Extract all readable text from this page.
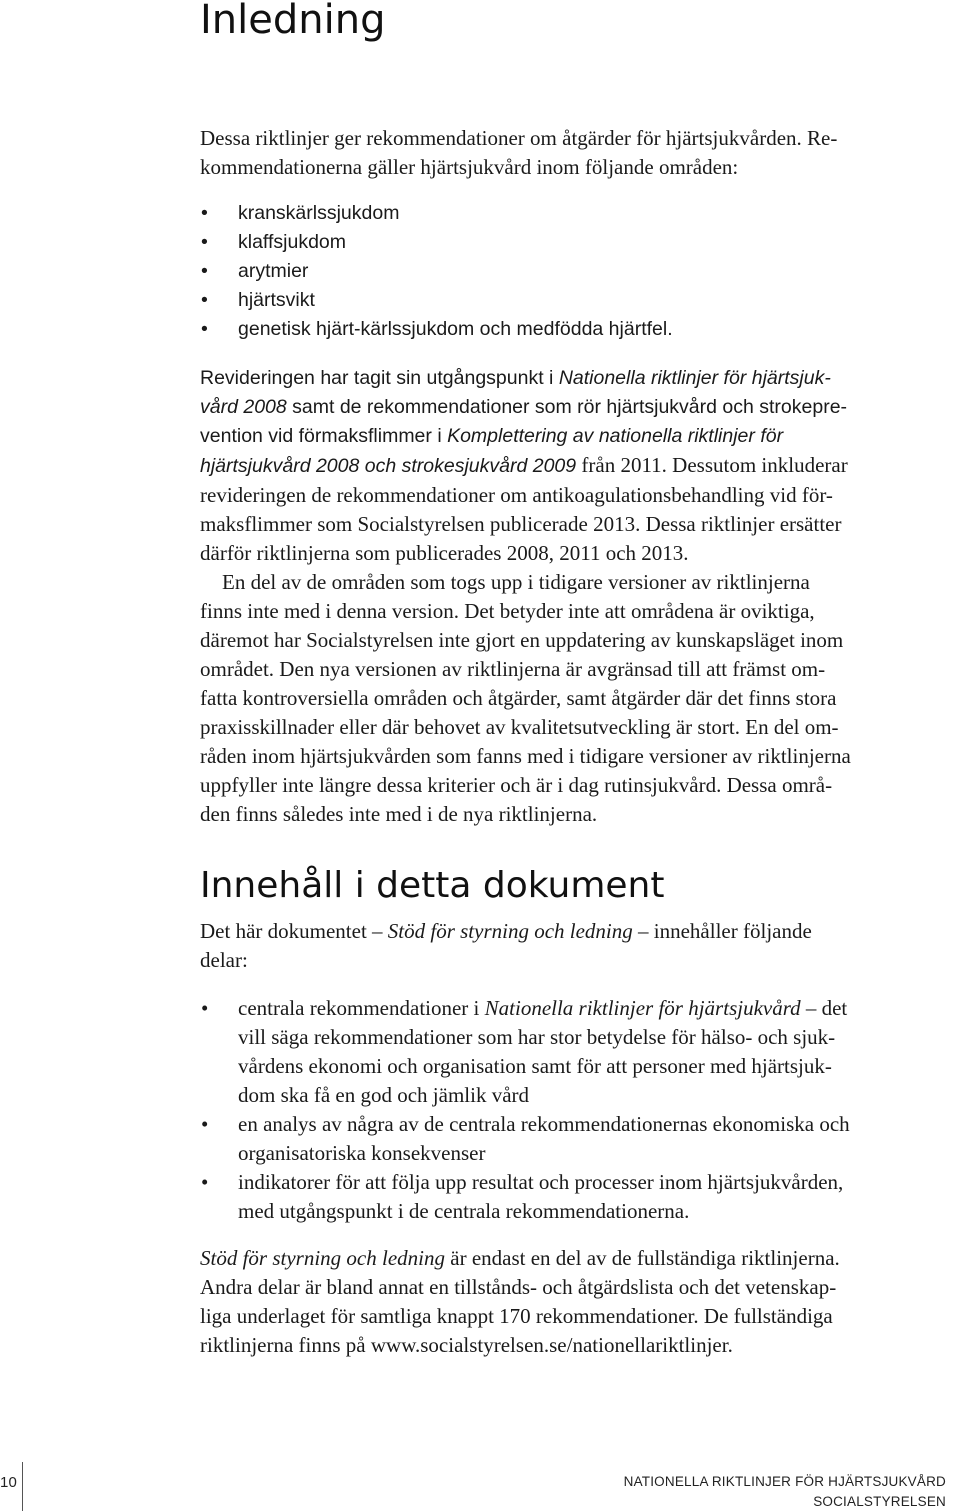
Inledning

Dessa riktlinjer ger rekommendationer om åtgärder för hjärtsjukvården. Re-
kommendationerna gäller hjärtsjukvård inom följande områden:

• kranskärlssjukdom
• klaffsjukdom
• arytmier
• hjärtsvikt
• genetisk hjärt-kärlssjukdom och medfödda hjärtfel.

Revideringen har tagit sin utgångspunkt i Nationella riktlinjer för hjärtsjuk-
vård 2008 samt de rekommendationer som rör hjärtsjukvård och strokepre-
vention vid förmaksflimmer i Komplettering av nationella riktlinjer för
hjärtsjukvård 2008 och strokesjukvård 2009 från 2011. Dessutom inkluderar
revideringen de rekommendationer om antikoagulationsbehandling vid för-
maksflimmer som Socialstyrelsen publicerade 2013. Dessa riktlinjer ersätter
därför riktlinjerna som publicerades 2008, 2011 och 2013.

En del av de områden som togs upp i tidigare versioner av riktlinjerna
finns inte med i denna version. Det betyder inte att områdena är oviktiga,
däremot har Socialstyrelsen inte gjort en uppdatering av kunskapsläget inom
området. Den nya versionen av riktlinjerna är avgränsad till att främst om-
fatta kontroversiella områden och åtgärder, samt åtgärder där det finns stora
praxisskillnader eller där behovet av kvalitetsutveckling är stort. En del om-
råden inom hjärtsjukvården som fanns med i tidigare versioner av riktlinjerna
uppfyller inte längre dessa kriterier och är i dag rutinsjukvård. Dessa områ-
den finns således inte med i de nya riktlinjerna.

Innehåll i detta dokument

Det här dokumentet – Stöd för styrning och ledning – innehåller följande
delar:

• centrala rekommendationer i Nationella riktlinjer för hjärtsjukvård – det
vill säga rekommendationer som har stor betydelse för hälso- och sjuk-
vårdens ekonomi och organisation samt för att personer med hjärtsjuk-
dom ska få en god och jämlik vård
• en analys av några av de centrala rekommendationernas ekonomiska och
organisatoriska konsekvenser
• indikatorer för att följa upp resultat och processer inom hjärtsjukvården,
med utgångspunkt i de centrala rekommendationerna.

Stöd för styrning och ledning är endast en del av de fullständiga riktlinjerna.
Andra delar är bland annat en tillstånds- och åtgärdslista och det vetenskap-
liga underlaget för samtliga knappt 170 rekommendationer. De fullständiga
riktlinjerna finns på www.socialstyrelsen.se/nationellariktlinjer.

10	NATIONELLA RIKTLINJER FÖR HJÄRTSJUKVÅRD
SOCIALSTYRELSEN
